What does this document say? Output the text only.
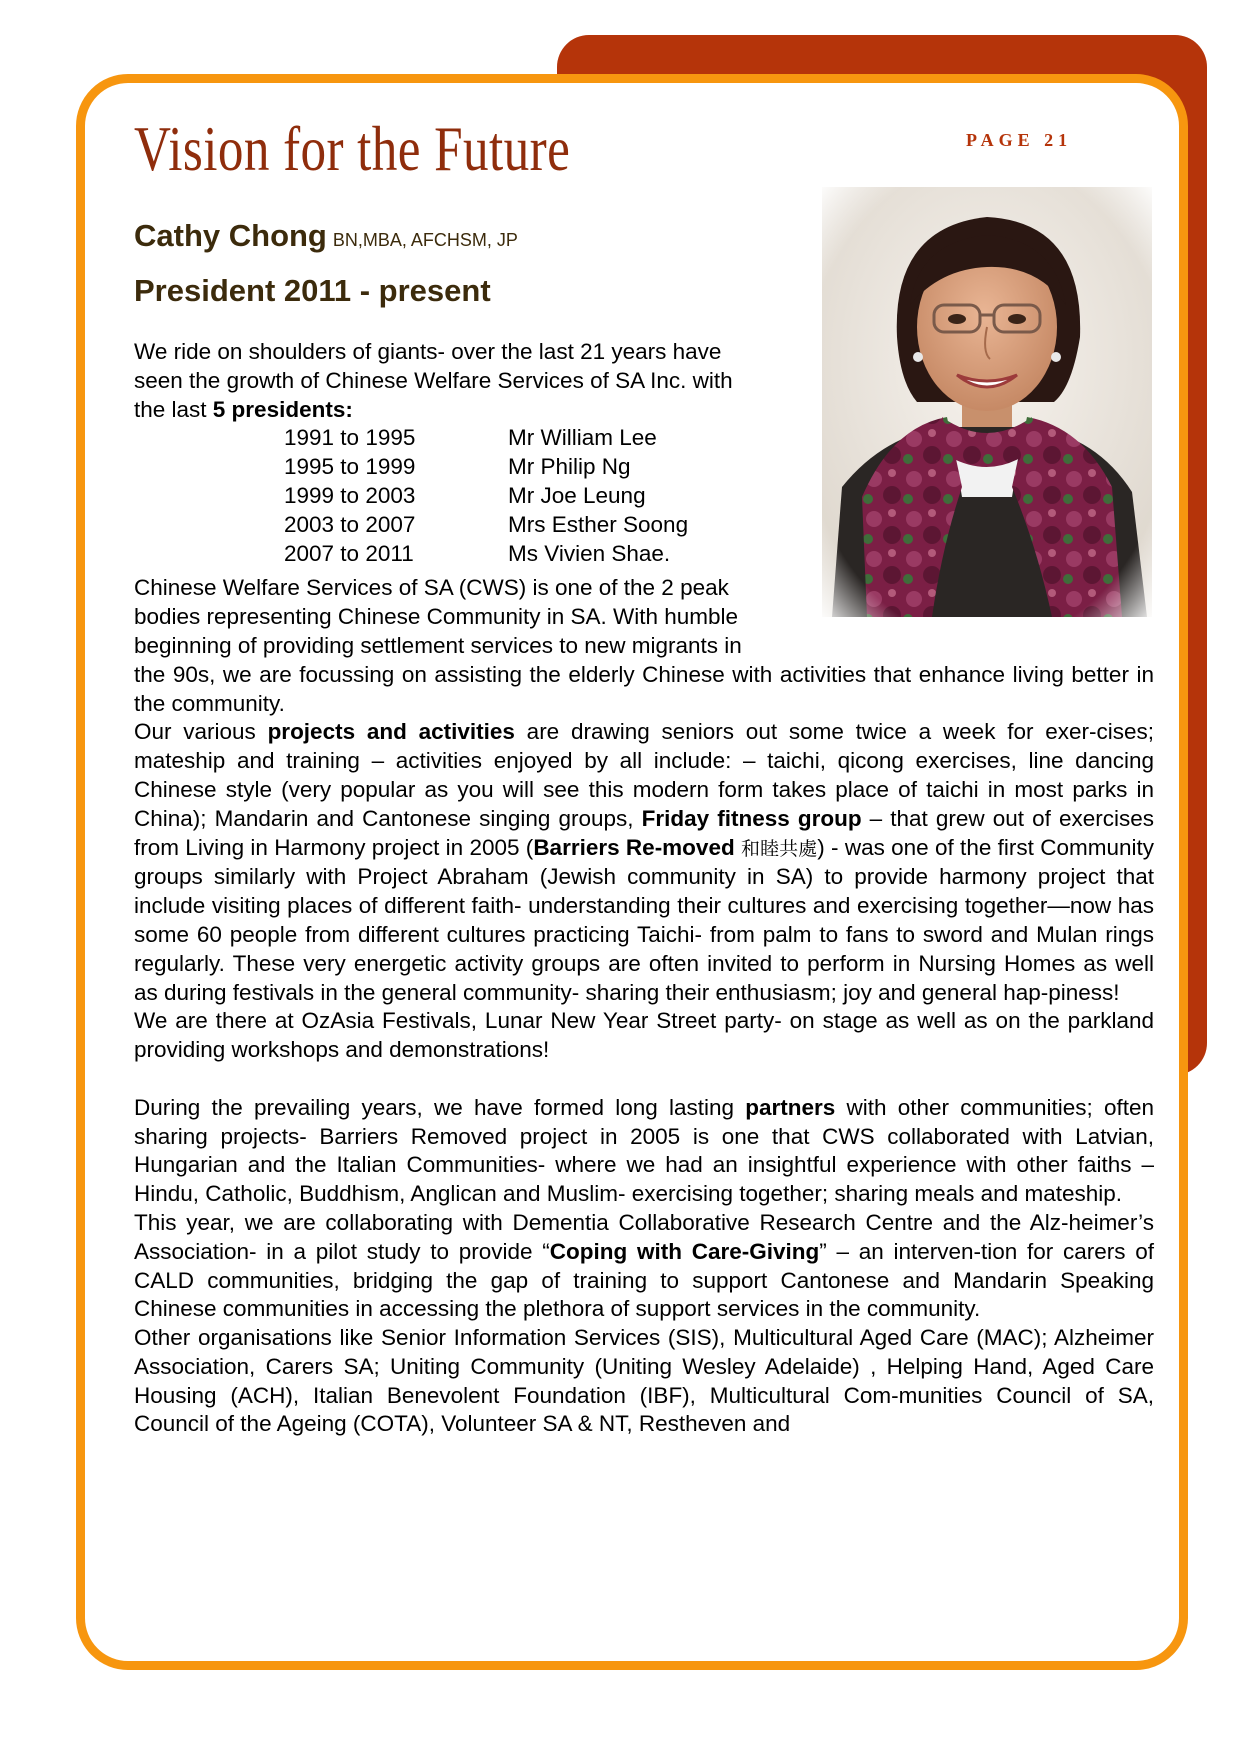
Vision for the Future	PAGE 21
Cathy Chong BN,MBA, AFCHSM, JP
President 2011 - present

We ride on shoulders of giants- over the last 21 years have
seen the growth of Chinese Welfare Services of SA Inc. with
the last 5 presidents:

1991 to 1995	Mr William Lee
1995 to 1999	Mr Philip Ng
1999 to 2003	Mr Joe Leung
2003 to 2007	Mrs Esther Soong
2007 to 2011	Ms Vivien Shae.

Chinese Welfare Services of SA (CWS) is one of the 2 peak
bodies representing Chinese Community in SA. With humble
beginning of providing settlement services to new migrants in
the 90s, we are focussing on assisting the elderly Chinese with activities that enhance living better in the community.

Our various projects and activities are drawing seniors out some twice a week for exer-cises; mateship and training – activities enjoyed by all include: – taichi, qicong exercises, line dancing Chinese style (very popular as you will see this modern form takes place of taichi in most parks in China); Mandarin and Cantonese singing groups, Friday fitness group – that grew out of exercises from Living in Harmony project in 2005 (Barriers Re-moved 和睦共處) - was one of the first Community groups similarly with Project Abraham (Jewish community in SA) to provide harmony project that include visiting places of different faith- understanding their cultures and exercising together—now has some 60 people from different cultures practicing Taichi- from palm to fans to sword and Mulan rings regularly. These very energetic activity groups are often invited to perform in Nursing Homes as well as during festivals in the general community- sharing their enthusiasm; joy and general hap-piness!

We are there at OzAsia Festivals, Lunar New Year Street party- on stage as well as on the parkland providing workshops and demonstrations!

During the prevailing years, we have formed long lasting partners with other communities; often sharing projects- Barriers Removed project in 2005 is one that CWS collaborated with Latvian, Hungarian and the Italian Communities- where we had an insightful experience with other faiths – Hindu, Catholic, Buddhism, Anglican and Muslim- exercising together; sharing meals and mateship.

This year, we are collaborating with Dementia Collaborative Research Centre and the Alz-heimer’s Association- in a pilot study to provide “Coping with Care-Giving” – an interven-tion for carers of CALD communities, bridging the gap of training to support Cantonese and Mandarin Speaking Chinese communities in accessing the plethora of support services in the community.

Other organisations like Senior Information Services (SIS), Multicultural Aged Care (MAC); Alzheimer Association, Carers SA; Uniting Community (Uniting Wesley Adelaide) , Helping Hand, Aged Care Housing (ACH), Italian Benevolent Foundation (IBF), Multicultural Com-munities Council of SA, Council of the Ageing (COTA), Volunteer SA & NT, Restheven and
